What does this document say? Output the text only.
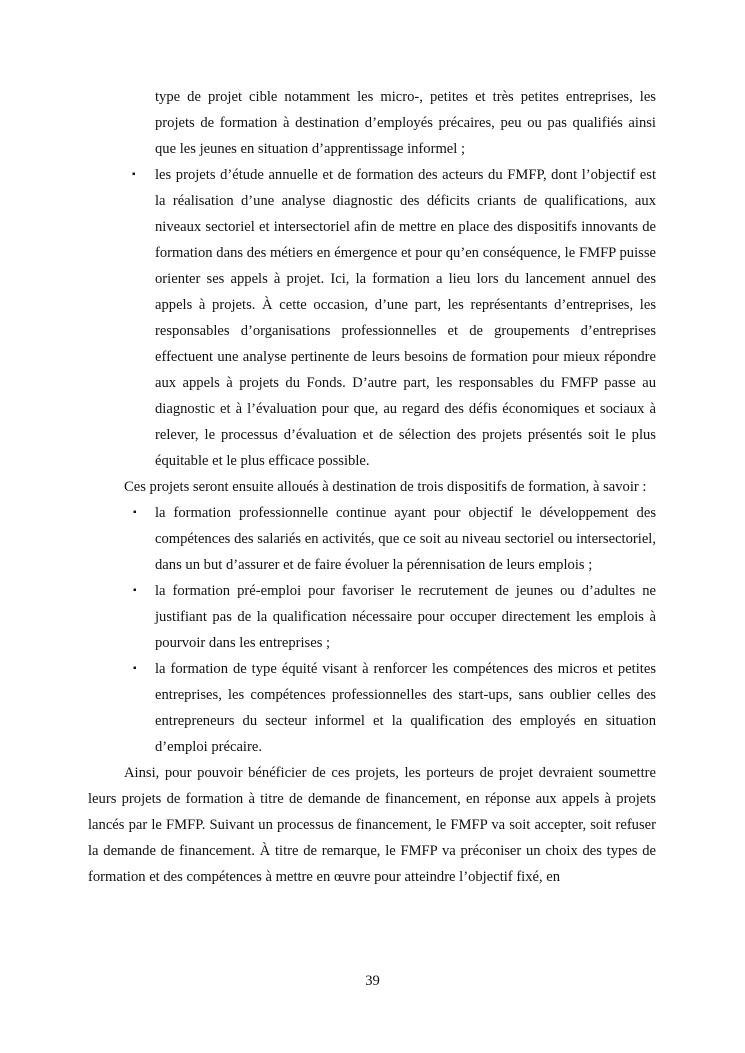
type de projet cible notamment les micro-, petites et très petites entreprises, les projets de formation à destination d’employés précaires, peu ou pas qualifiés ainsi que les jeunes en situation d’apprentissage informel ;

▪ les projets d’étude annuelle et de formation des acteurs du FMFP, dont l’objectif est la réalisation d’une analyse diagnostic des déficits criants de qualifications, aux niveaux sectoriel et intersectoriel afin de mettre en place des dispositifs innovants de formation dans des métiers en émergence et pour qu’en conséquence, le FMFP puisse orienter ses appels à projet. Ici, la formation a lieu lors du lancement annuel des appels à projets. À cette occasion, d’une part, les représentants d’entreprises, les responsables d’organisations professionnelles et de groupements d’entreprises effectuent une analyse pertinente de leurs besoins de formation pour mieux répondre aux appels à projets du Fonds. D’autre part, les responsables du FMFP passe au diagnostic et à l’évaluation pour que, au regard des défis économiques et sociaux à relever, le processus d’évaluation et de sélection des projets présentés soit le plus équitable et le plus efficace possible.

Ces projets seront ensuite alloués à destination de trois dispositifs de formation, à savoir :

▪ la formation professionnelle continue ayant pour objectif le développement des compétences des salariés en activités, que ce soit au niveau sectoriel ou intersectoriel, dans un but d’assurer et de faire évoluer la pérennisation de leurs emplois ;
▪ la formation pré-emploi pour favoriser le recrutement de jeunes ou d’adultes ne justifiant pas de la qualification nécessaire pour occuper directement les emplois à pourvoir dans les entreprises ;
▪ la formation de type équité visant à renforcer les compétences des micros et petites entreprises, les compétences professionnelles des start-ups, sans oublier celles des entrepreneurs du secteur informel et la qualification des employés en situation d’emploi précaire.

Ainsi, pour pouvoir bénéficier de ces projets, les porteurs de projet devraient soumettre leurs projets de formation à titre de demande de financement, en réponse aux appels à projets lancés par le FMFP. Suivant un processus de financement, le FMFP va soit accepter, soit refuser la demande de financement. À titre de remarque, le FMFP va préconiser un choix des types de formation et des compétences à mettre en œuvre pour atteindre l’objectif fixé, en

39
